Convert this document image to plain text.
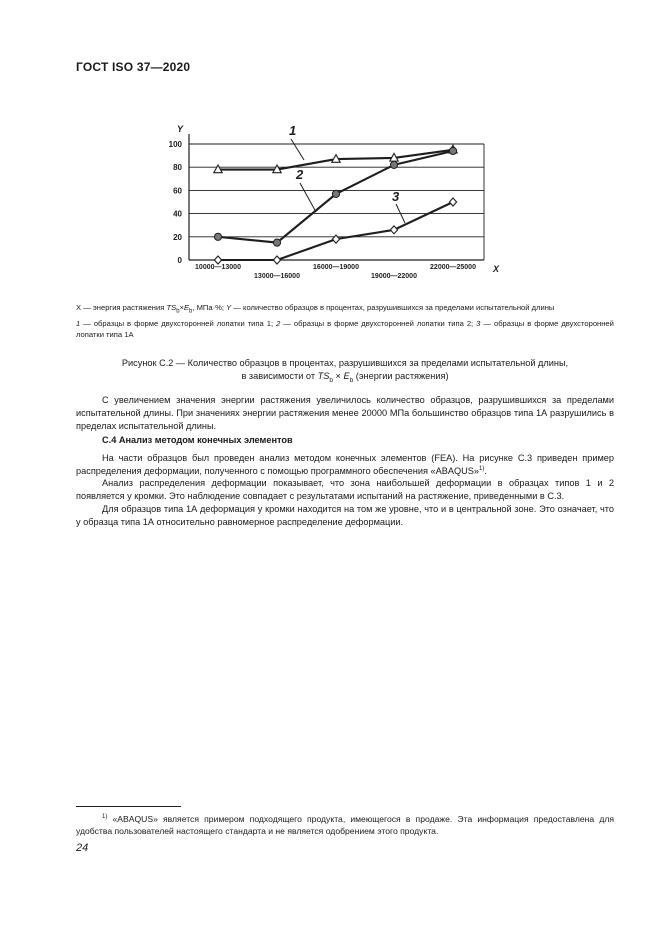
ГОСТ ISO 37—2020
0
20
40
60
80
100
Y
X
10000—13000
13000—16000
16000—19000
19000—22000
22000—25000
1
2
3
X — энергия растяжения $TS_b\times E_b$, МПа·%; Y — количество образцов в процентах, разрушившихся за пределами испытательной длины
1 — образцы в форме двухсторонней лопатки типа 1; 2 — образцы в форме двухсторонней лопатки типа 2; 3 — образцы в форме двухсторонней лопатки типа 1А
Рисунок С.2 — Количество образцов в процентах, разрушившихся за пределами испытательной длины,
в зависимости от $TS_b \times E_b$ (энергии растяжения)
С увеличением значения энергии растяжения увеличилось количество образцов, разрушившихся за пределами испытательной длины. При значениях энергии растяжения менее 20000 МПа большинство образцов типа 1А разрушились в пределах испытательной длины.
С.4 Анализ методом конечных элементов
На части образцов был проведен анализ методом конечных элементов (FEA). На рисунке С.3 приведен пример распределения деформации, полученного с помощью программного обеспечения «ABAQUS»$^{1)}$.
Анализ распределения деформации показывает, что зона наибольшей деформации в образцах типов 1 и 2 появляется у кромки. Это наблюдение совпадает с результатами испытаний на растяжение, приведенными в С.3.
Для образцов типа 1А деформация у кромки находится на том же уровне, что и в центральной зоне. Это означает, что у образца типа 1А относительно равномерное распределение деформации.
$^{1)}$ «ABAQUS» является примером подходящего продукта, имеющегося в продаже. Эта информация предоставлена для удобства пользователей настоящего стандарта и не является одобрением этого продукта.
24
